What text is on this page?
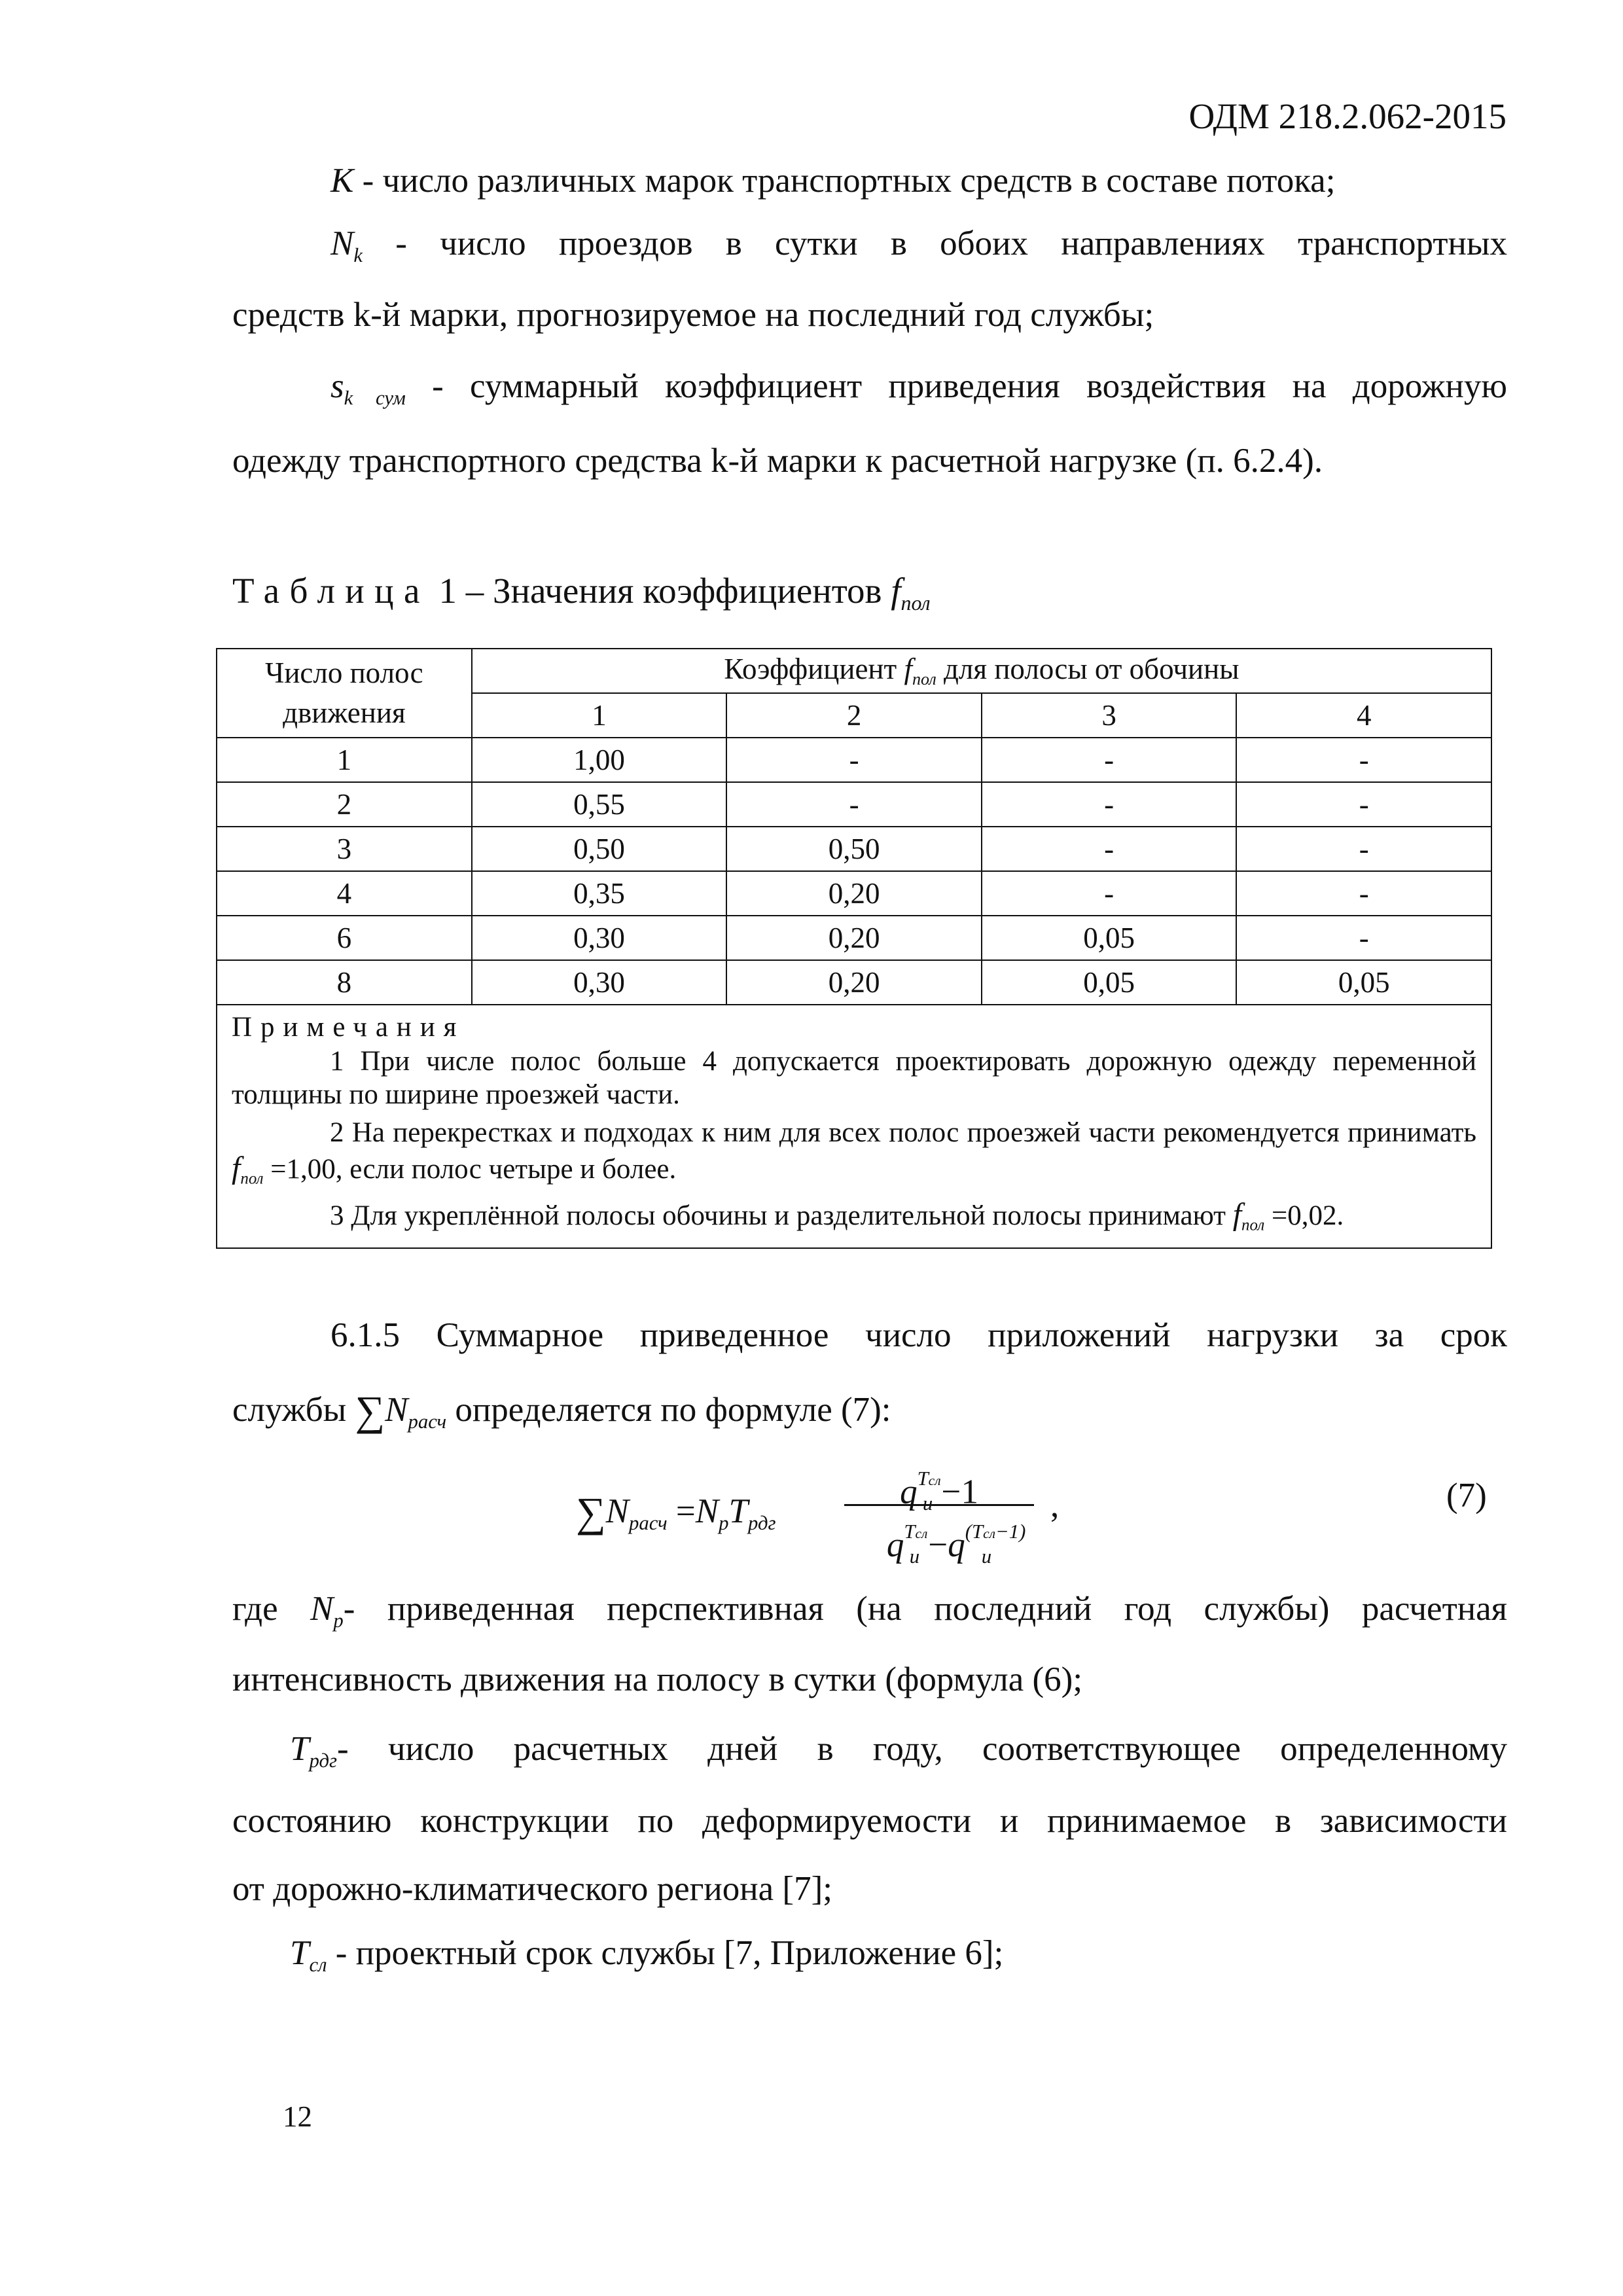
ОДМ 218.2.062-2015
K - число различных марок транспортных средств в составе потока;
$N_k$ - число проездов в сутки в обоих направлениях транспортных
средств k-й марки, прогнозируемое на последний год службы;
$s_{k сум}$ - суммарный коэффициент приведения воздействия на дорожную
одежду транспортного средства k-й марки к расчетной нагрузке (п. 6.2.4).
Таблица 1 – Значения коэффициентов $f_{пол}$
Число полос движения	Коэффициент $f_{пол}$ для полосы от обочины			
	1	2	3	4
1	1,00	-	-	-
2	0,55	-	-	-
3	0,50	0,50	-	-
4	0,35	0,20	-	-
6	0,30	0,20	0,05	-
8	0,30	0,20	0,05	0,05

Примечания
1 При числе полос больше 4 допускается проектировать дорожную одежду переменной толщины по ширине проезжей части.
2 На перекрестках и подходах к ним для всех полос проезжей части рекомендуется принимать $f_{пол} =1,00$, если полос четыре и более.
3 Для укреплённой полосы обочины и разделительной полосы принимают $f_{пол} =0,02$.				
6.1.5 Суммарное приведенное число приложений нагрузки за срок
службы $\sum N_{расч}$ определяется по формуле (7):
$\sum N_{расч} =N_pT_{рдг}$
$q^{Tсл}_и -1$
$q^{Tсл}_и -q^{(Tсл-1)}_и$
,	(7)
где $N_p-$ приведенная перспективная (на последний год службы) расчетная
интенсивность движения на полосу в сутки (формула (6);
$T_{рдг}-$ число расчетных дней в году, соответствующее определенному
состоянию конструкции по деформируемости и принимаемое в зависимости
от дорожно-климатического региона [7];
$T_{сл}$ - проектный срок службы [7, Приложение 6];
12
